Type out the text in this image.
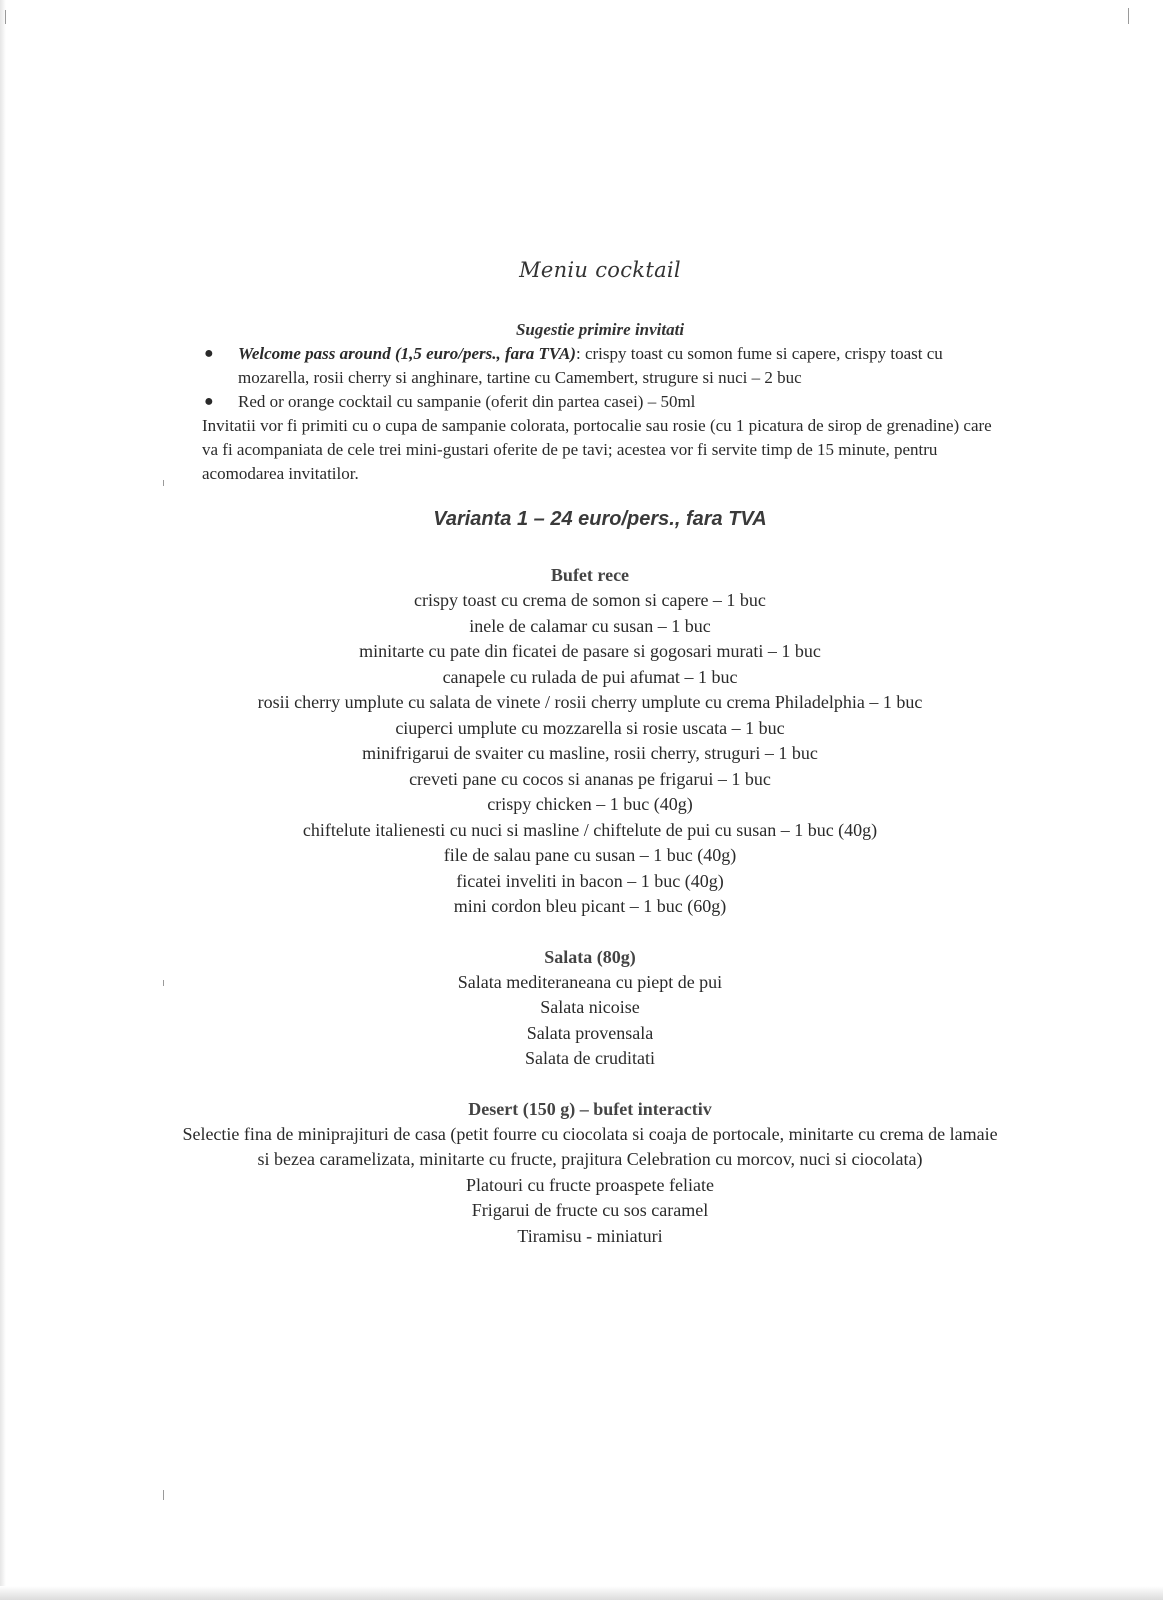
Meniu cocktail
Sugestie primire invitati
● Welcome pass around (1,5 euro/pers., fara TVA): crispy toast cu somon fume si capere, crispy toast cu mozarella, rosii cherry si anghinare, tartine cu Camembert, strugure si nuci – 2 buc
● Red or orange cocktail cu sampanie (oferit din partea casei) – 50ml

Invitatii vor fi primiti cu o cupa de sampanie colorata, portocalie sau rosie (cu 1 picatura de sirop de grenadine) care va fi acompaniata de cele trei mini-gustari oferite de pe tavi; acestea vor fi servite timp de 15 minute, pentru acomodarea invitatilor.

Varianta 1 – 24 euro/pers., fara TVA
Bufet rece
crispy toast cu crema de somon si capere – 1 buc
inele de calamar cu susan – 1 buc
minitarte cu pate din ficatei de pasare si gogosari murati – 1 buc
canapele cu rulada de pui afumat – 1 buc
rosii cherry umplute cu salata de vinete / rosii cherry umplute cu crema Philadelphia – 1 buc
ciuperci umplute cu mozzarella si rosie uscata – 1 buc
minifrigarui de svaiter cu masline, rosii cherry, struguri – 1 buc
creveti pane cu cocos si ananas pe frigarui – 1 buc
crispy chicken – 1 buc (40g)
chiftelute italienesti cu nuci si masline / chiftelute de pui cu susan – 1 buc (40g)
file de salau pane cu susan – 1 buc (40g)
ficatei inveliti in bacon – 1 buc (40g)
mini cordon bleu picant – 1 buc (60g)
Salata (80g)
Salata mediteraneana cu piept de pui
Salata nicoise
Salata provensala
Salata de cruditati
Desert (150 g) – bufet interactiv
Selectie fina de miniprajituri de casa (petit fourre cu ciocolata si coaja de portocale, minitarte cu crema de lamaie si bezea caramelizata, minitarte cu fructe, prajitura Celebration cu morcov, nuci si ciocolata)
Platouri cu fructe proaspete feliate
Frigarui de fructe cu sos caramel
Tiramisu - miniaturi
